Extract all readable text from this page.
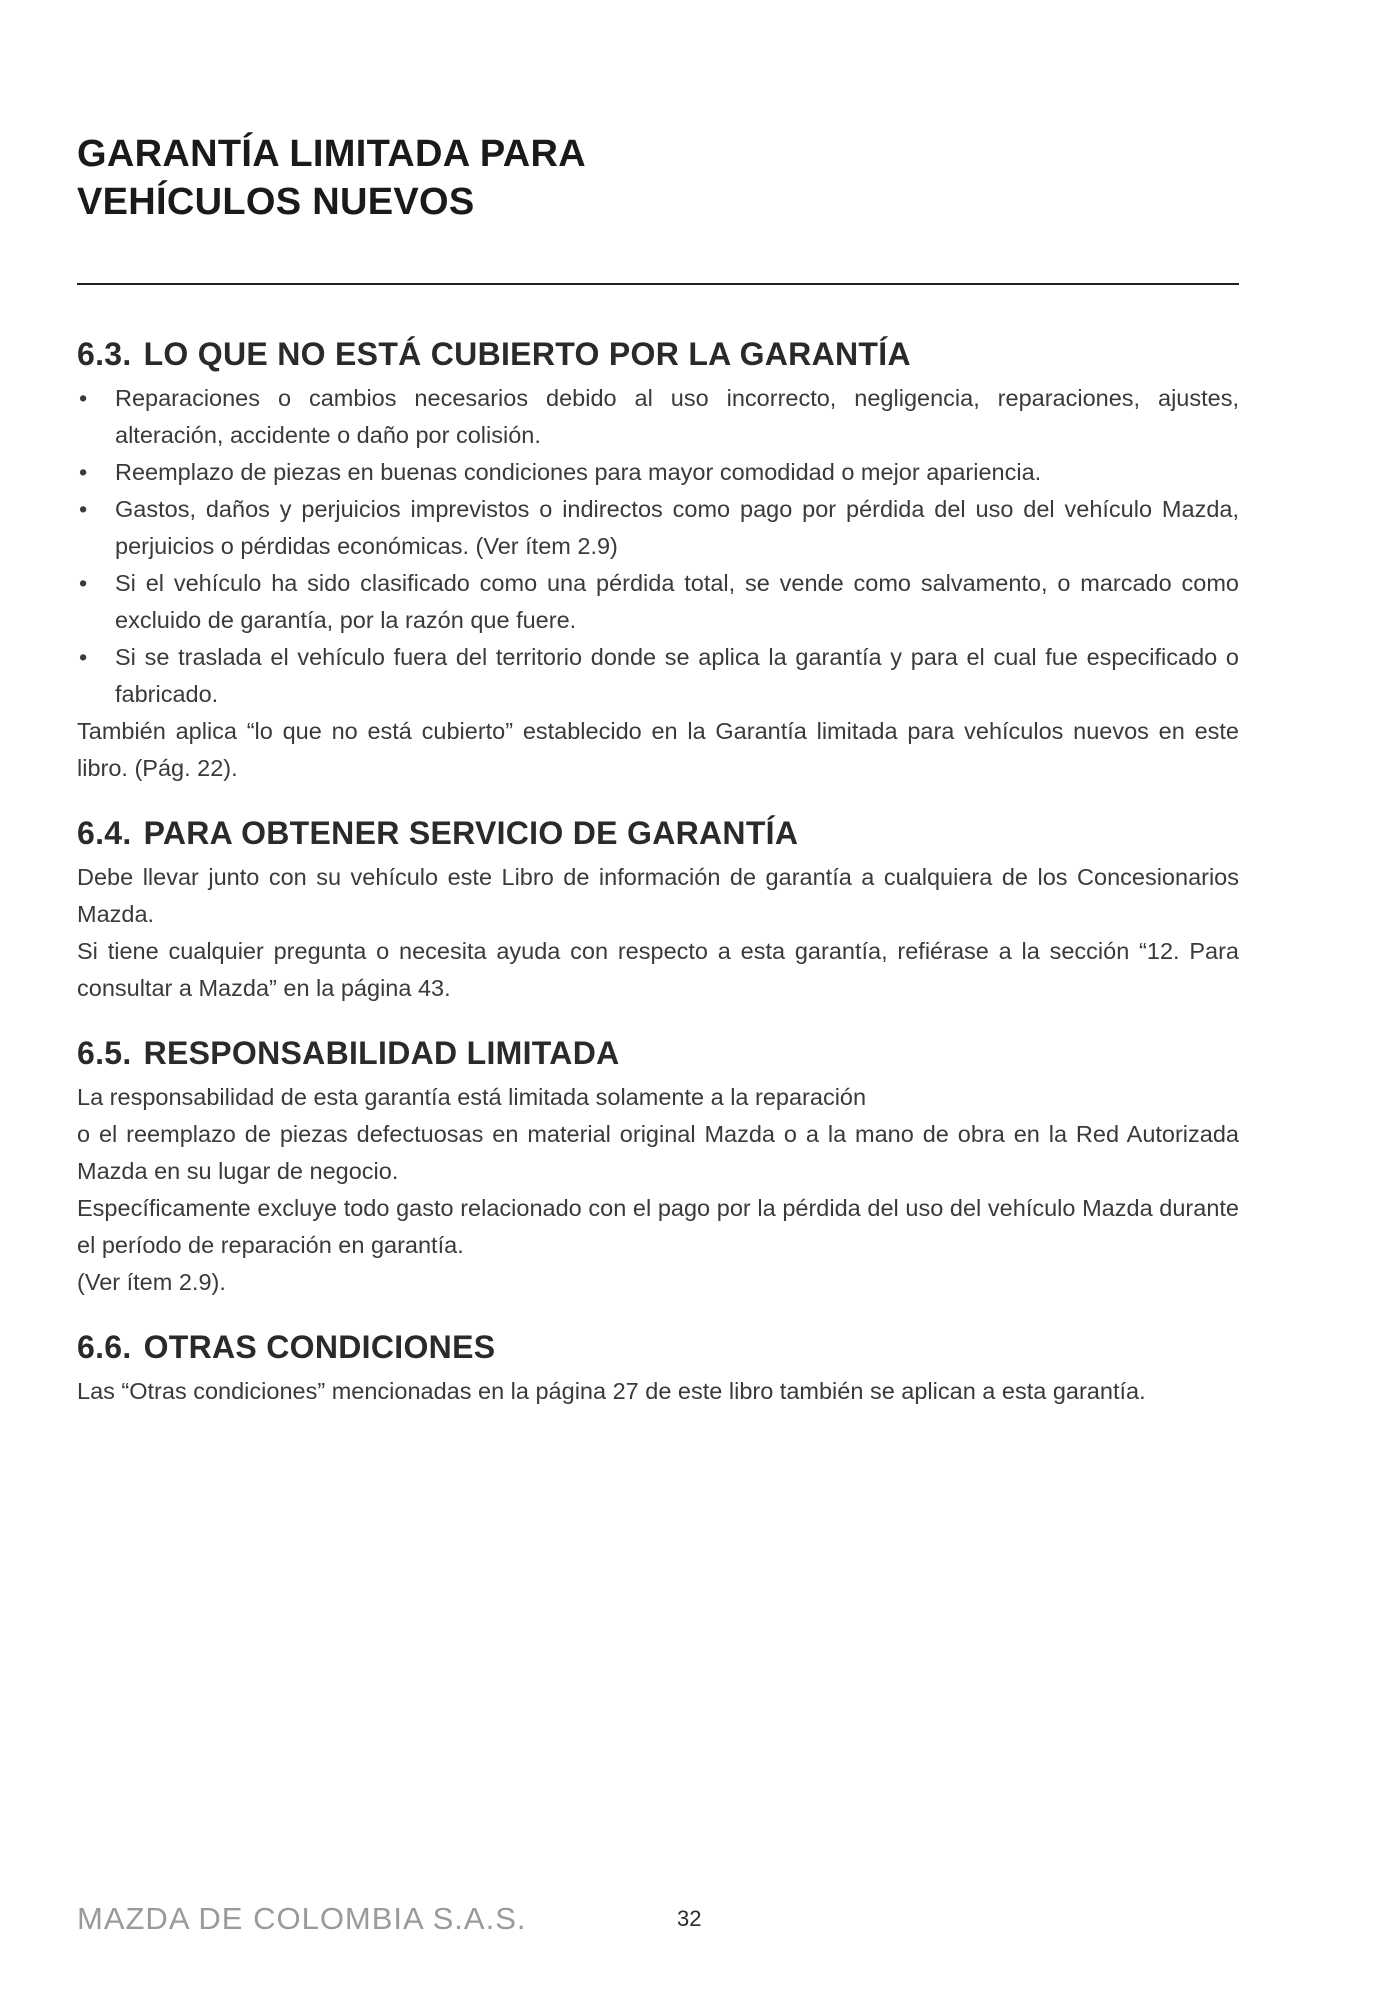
GARANTÍA LIMITADA PARA
VEHÍCULOS NUEVOS
6.3. LO QUE NO ESTÁ CUBIERTO POR LA GARANTÍA
• Reparaciones o cambios necesarios debido al uso incorrecto, negligencia, reparaciones, ajustes, alteración, accidente o daño por colisión.
• Reemplazo de piezas en buenas condiciones para mayor comodidad o mejor apariencia.
• Gastos, daños y perjuicios imprevistos o indirectos como pago por pérdida del uso del vehículo Mazda, perjuicios o pérdidas económicas. (Ver ítem 2.9)
• Si el vehículo ha sido clasificado como una pérdida total, se vende como salvamento, o marcado como excluido de garantía, por la razón que fuere.
• Si se traslada el vehículo fuera del territorio donde se aplica la garantía y para el cual fue especificado o fabricado.

También aplica “lo que no está cubierto” establecido en la Garantía limitada para vehículos nuevos en este libro. (Pág. 22).

6.4. PARA OBTENER SERVICIO DE GARANTÍA

Debe llevar junto con su vehículo este Libro de información de garantía a cualquiera de los Concesionarios Mazda.

Si tiene cualquier pregunta o necesita ayuda con respecto a esta garantía, refiérase a la sección “12. Para consultar a Mazda” en la página 43.

6.5. RESPONSABILIDAD LIMITADA

La responsabilidad de esta garantía está limitada solamente a la reparación

o el reemplazo de piezas defectuosas en material original Mazda o a la mano de obra en la Red Autorizada Mazda en su lugar de negocio.

Específicamente excluye todo gasto relacionado con el pago por la pérdida del uso del vehículo Mazda durante el período de reparación en garantía.

(Ver ítem 2.9).

6.6. OTRAS CONDICIONES

Las “Otras condiciones” mencionadas en la página 27 de este libro también se aplican a esta garantía.

MAZDA DE COLOMBIA S.A.S.	32
